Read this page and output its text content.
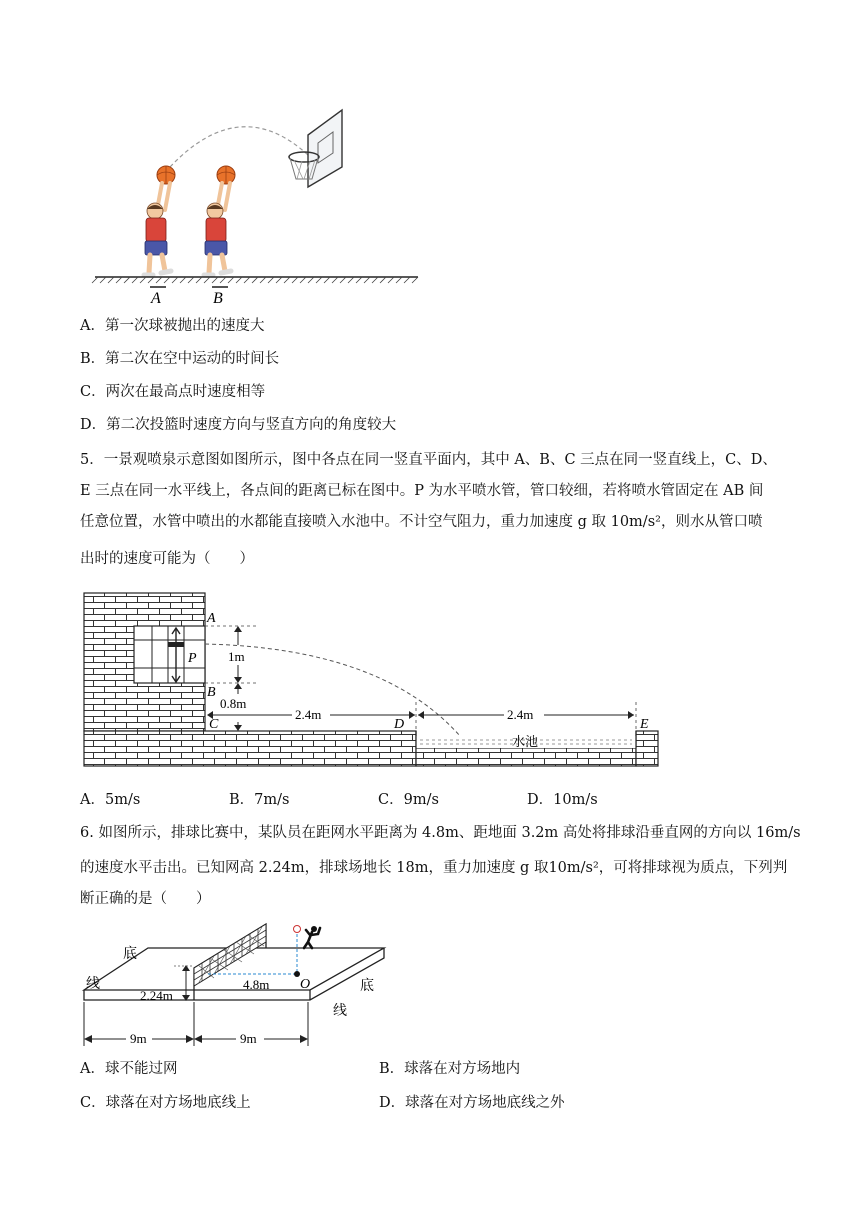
A	B
A．第一次球被抛出的速度大
B．第二次在空中运动的时间长
C．两次在最高点时速度相等
D．第二次投篮时速度方向与竖直方向的角度较大
5．一景观喷泉示意图如图所示，图中各点在同一竖直平面内，其中 A、B、C 三点在同一竖直线上，C、D、
E 三点在同一水平线上，各点间的距离已标在图中。P 为水平喷水管，管口较细，若将喷水管固定在 AB 间
任意位置，水管中喷出的水都能直接喷入水池中。不计空气阻力，重力加速度 g 取 10m/s²，则水从管口喷
出时的速度可能为（　　）
水池
1m
0.8m
2.4m	2.4m
A
P
B
C	D	E
A．5m/s	B．7m/s	C．9m/s	D．10m/s
6. 如图所示，排球比赛中，某队员在距网水平距离为 4.8m、距地面 3.2m 高处将排球沿垂直网的方向以 16m/s
的速度水平击出。已知网高 2.24m，排球场地长 18m，重力加速度 g 取10m/s²，可将排球视为质点，下列判
断正确的是（　　）
2.24m
4.8m O
9m	9m
底
线	底
线
A．球不能过网	B．球落在对方场地内
C．球落在对方场地底线上	D．球落在对方场地底线之外
